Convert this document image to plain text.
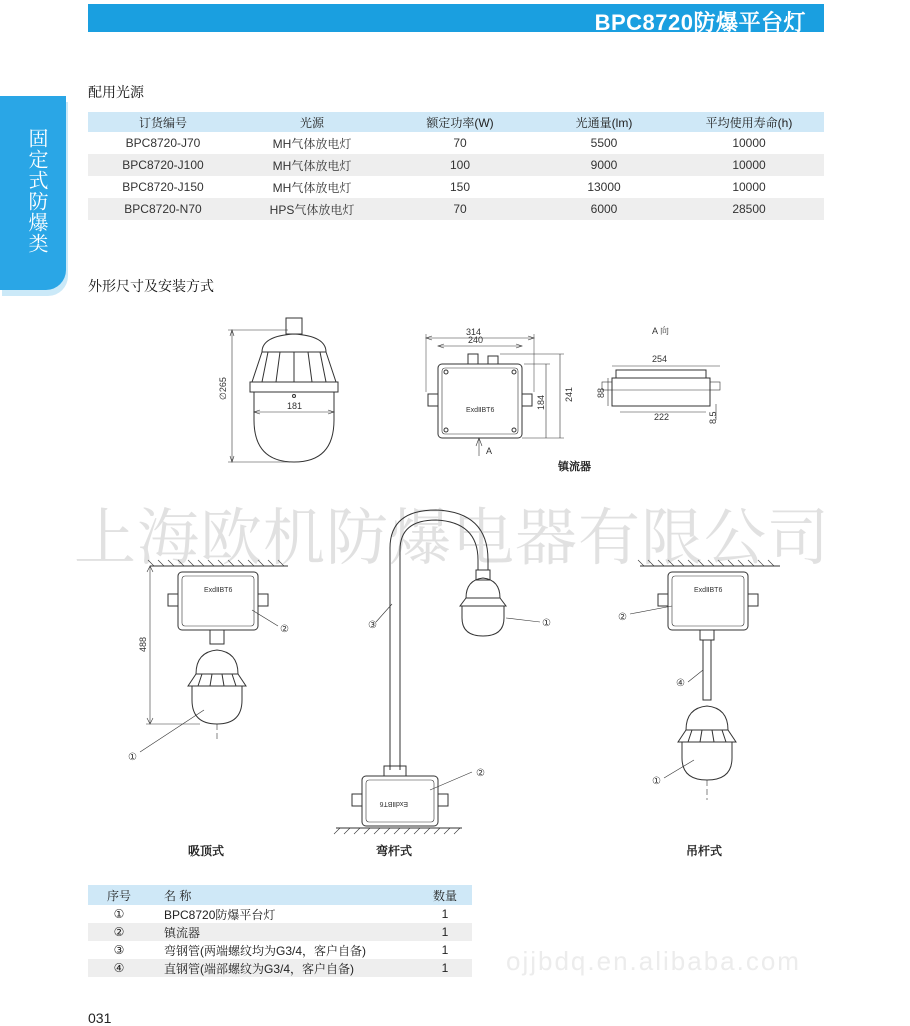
BPC8720防爆平台灯
固定式防爆类
配用光源
订货编号	光源	额定功率(W)	光通量(lm)	平均使用寿命(h)
BPC8720-J70	MH气体放电灯	70	5500	10000
BPC8720-J100	MH气体放电灯	100	9000	10000
BPC8720-J150	MH气体放电灯	150	13000	10000
BPC8720-N70	HPS气体放电灯	70	6000	28500
外形尺寸及安装方式
上海欧机防爆电器有限公司
∅265
181
314
240
184
241
ExdⅡBT6
A
A 向
254
222
88
8.5
镇流器
ExdⅡBT6
488
①
②	③	①
②
ExdⅡBT6
ExdⅡBT6
②
④
①
吸顶式	弯杆式	吊杆式
序号	名 称	数量
①	BPC8720防爆平台灯	1
②	镇流器	1
③	弯钢管(两端螺纹均为G3/4，客户自备)	1
④	直钢管(端部螺纹为G3/4，客户自备)	1 ojjbdq.en.alibaba.com
031
